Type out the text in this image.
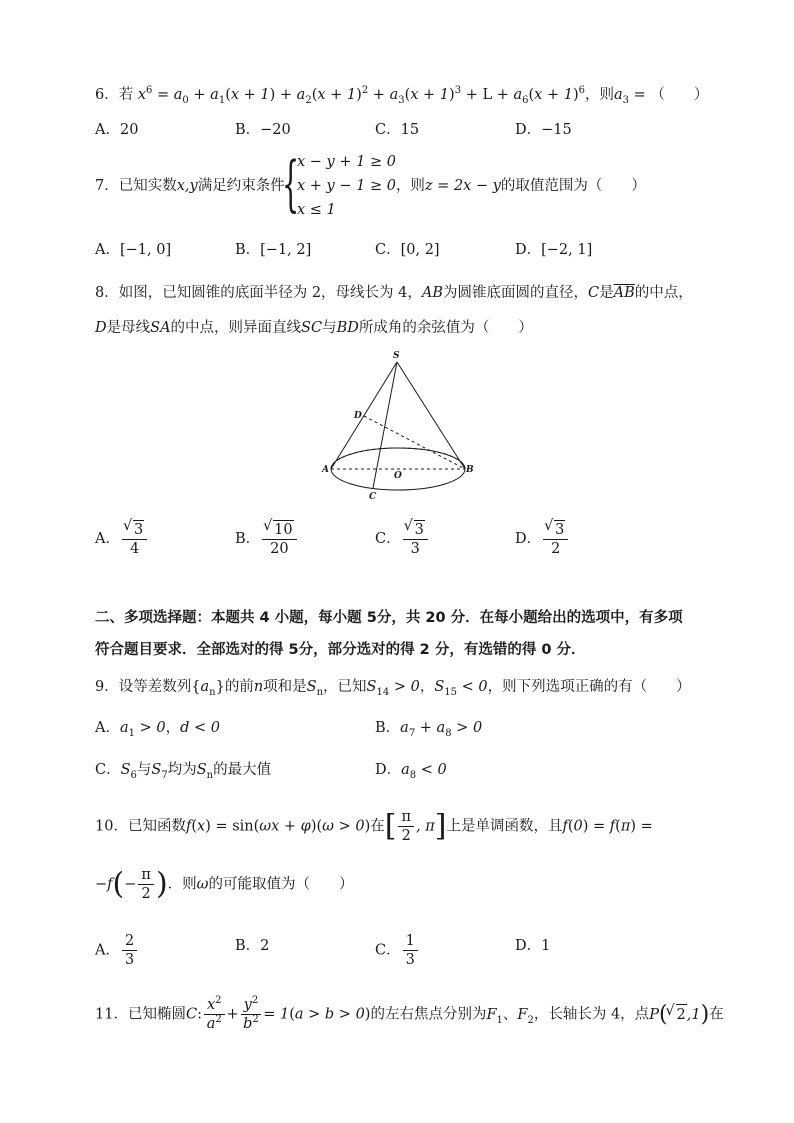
6．若 $x^6 = a_0 + a_1(x + 1) + a_2(x + 1)^2 + a_3(x + 1)^3 + L + a_6(x + 1)^6$，则$a_3$ = （　　）
A．20	B．−20	C．15	D．−15
7．已知实数x,y满足约束条件
{
x − y + 1 ≥ 0
x + y − 1 ≥ 0，则z = 2x − y的取值范围为（　　）
x ≤ 1
A．[−1, 0]	B．[−1, 2]	C．[0, 2]	D．[−2, 1]
8．如图，已知圆锥的底面半径为 2，母线长为 4，AB为圆锥底面圆的直径，C是$\overline{AB}$的中点，
D是母线SA的中点，则异面直线SC与BD所成角的余弦值为（　　）
S
D
A
O
B
C
A． √ $\frac{3}{4}$	B． √ $\frac{10}{20}$	C． √ $\frac{3}{3}$	D． √ $\frac{3}{2}$
二、多项选择题：本题共 4 小题，每小题 5分，共 20 分．在每小题给出的选项中，有多项
符合题目要求．全部选对的得 5分，部分选对的得 2 分，有选错的得 0 分．
9．设等差数列$\{a_n\}$的前n项和是$S_n$，已知$S_{14} > 0$，$S_{15} < 0$，则下列选项正确的有（　　）
A．$a_1 > 0$，d < 0	B．$a_7 + a_8 > 0$
C．$S_6$与$S_7$均为$S_n$的最大值	D．$a_8 < 0$
10．已知函数f(x) = sin(ωx + φ)(ω > 0)在[ $\frac{\pi}{2}$ , π]上是单调函数，且f(0) = f(π) =
$-f(- \frac{\pi}{2}$ )．则ω的可能取值为（　　）
A． $\frac{2}{3}$	B．2	C． $\frac{1}{3}$	D．1
11．已知椭圆C: $\frac{x^2}{a^2} + \frac{y^2}{b^2} = 1(a > b > 0)$的左右焦点分别为$F_1$、$F_2$，长轴长为 4，点P( √ 2,1)在
